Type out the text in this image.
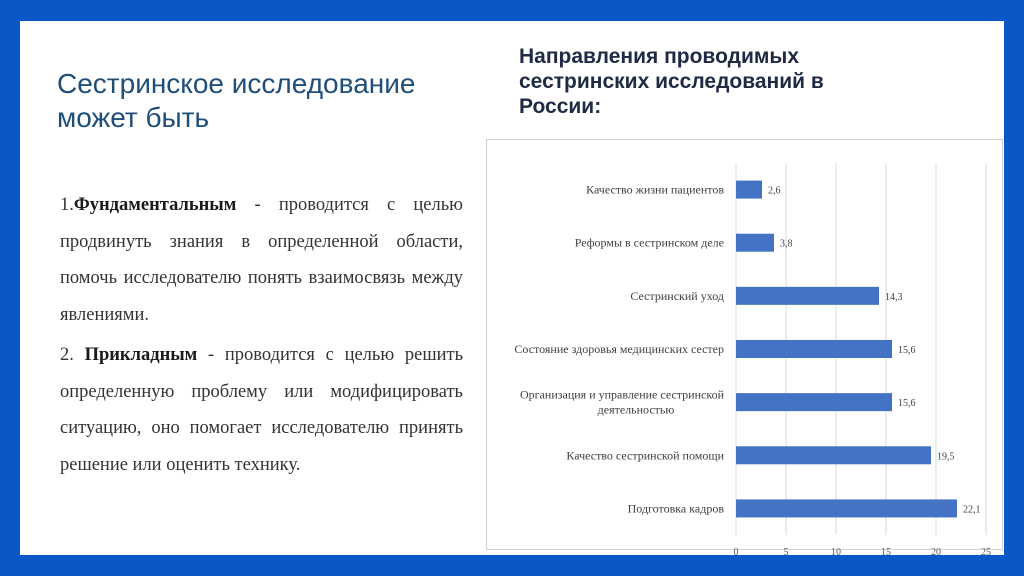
Сестринское исследование
может быть

1.Фундаментальным - проводится с целью продвинуть знания в определенной области, помочь исследователю понять взаимосвязь между явлениями.

2. Прикладным - проводится с целью решить определенную проблему или модифицировать ситуацию, оно помогает исследователю принять решение или оценить технику.

Направления проводимых
сестринских исследований в
России:
0	5	10	15	20	25
2,6
Качество жизни пациентов
3,8
Реформы в сестринском деле
14,3
Сестринский уход
15,6
Состояние здоровья медицинских сестер
15,6
Организация и управление сестринской
деятельностью
19,5
Качество сестринской помощи
22,1
Подготовка кадров
